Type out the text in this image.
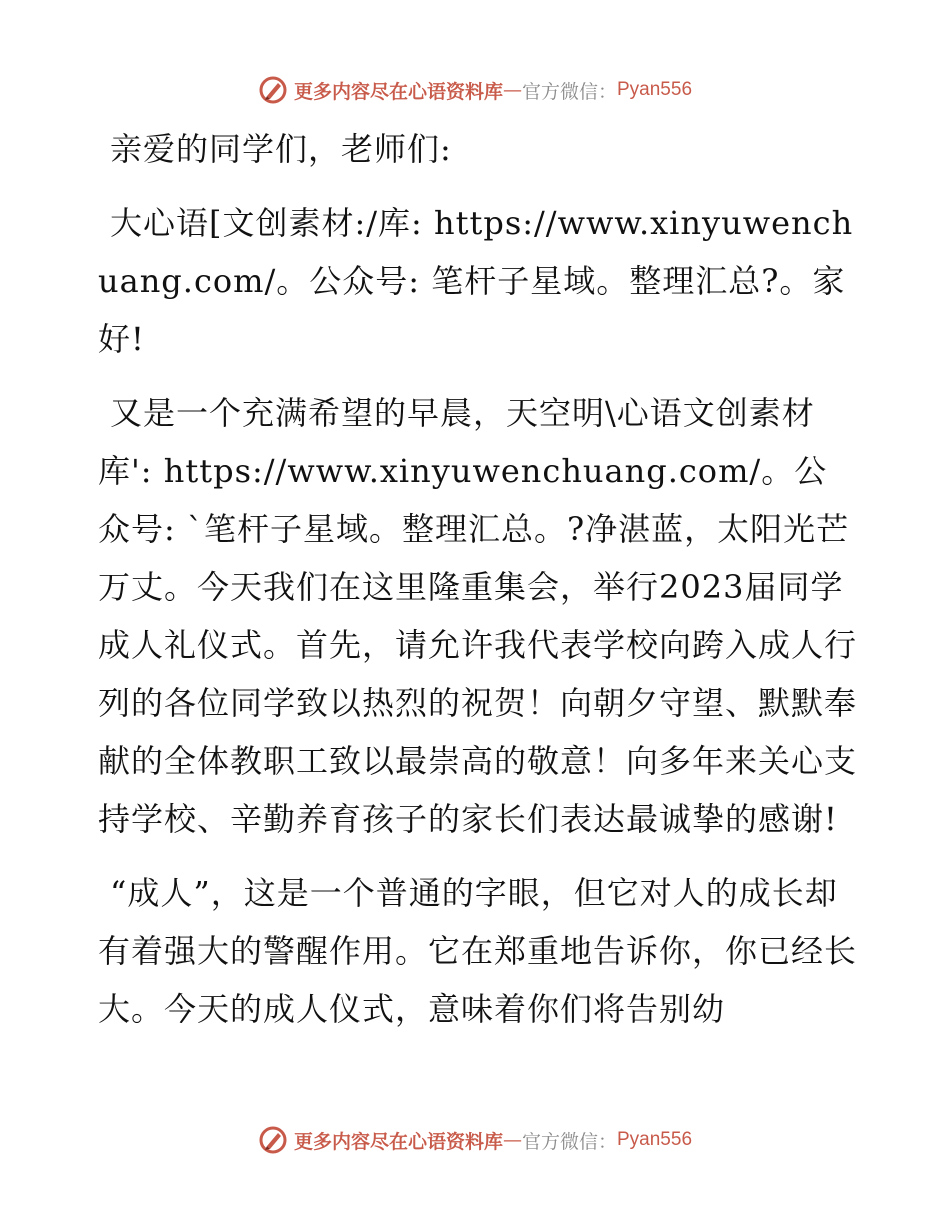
更多内容尽在心语资料库 — 官方微信： Pyan556

亲爱的同学们，老师们:

大心语[文创素材:/库: https://www.xinyuwenchuang.com/。公众号: 笔杆子星域。整理汇总?。家好!

又是一个充满希望的早晨，天空明\心语文创素材库': https://www.xinyuwenchuang.com/。公众号: `笔杆子星域。整理汇总。?净湛蓝，太阳光芒万丈。今天我们在这里隆重集会，举行2023届同学成人礼仪式。首先，请允许我代表学校向跨入成人行列的各位同学致以热烈的祝贺！向朝夕守望、默默奉献的全体教职工致以最崇高的敬意！向多年来关心支持学校、辛勤养育孩子的家长们表达最诚挚的感谢!

“成人”，这是一个普通的字眼，但它对人的成长却有着强大的警醒作用。它在郑重地告诉你，你已经长大。今天的成人仪式，意味着你们将告别幼

更多内容尽在心语资料库 — 官方微信： Pyan556
